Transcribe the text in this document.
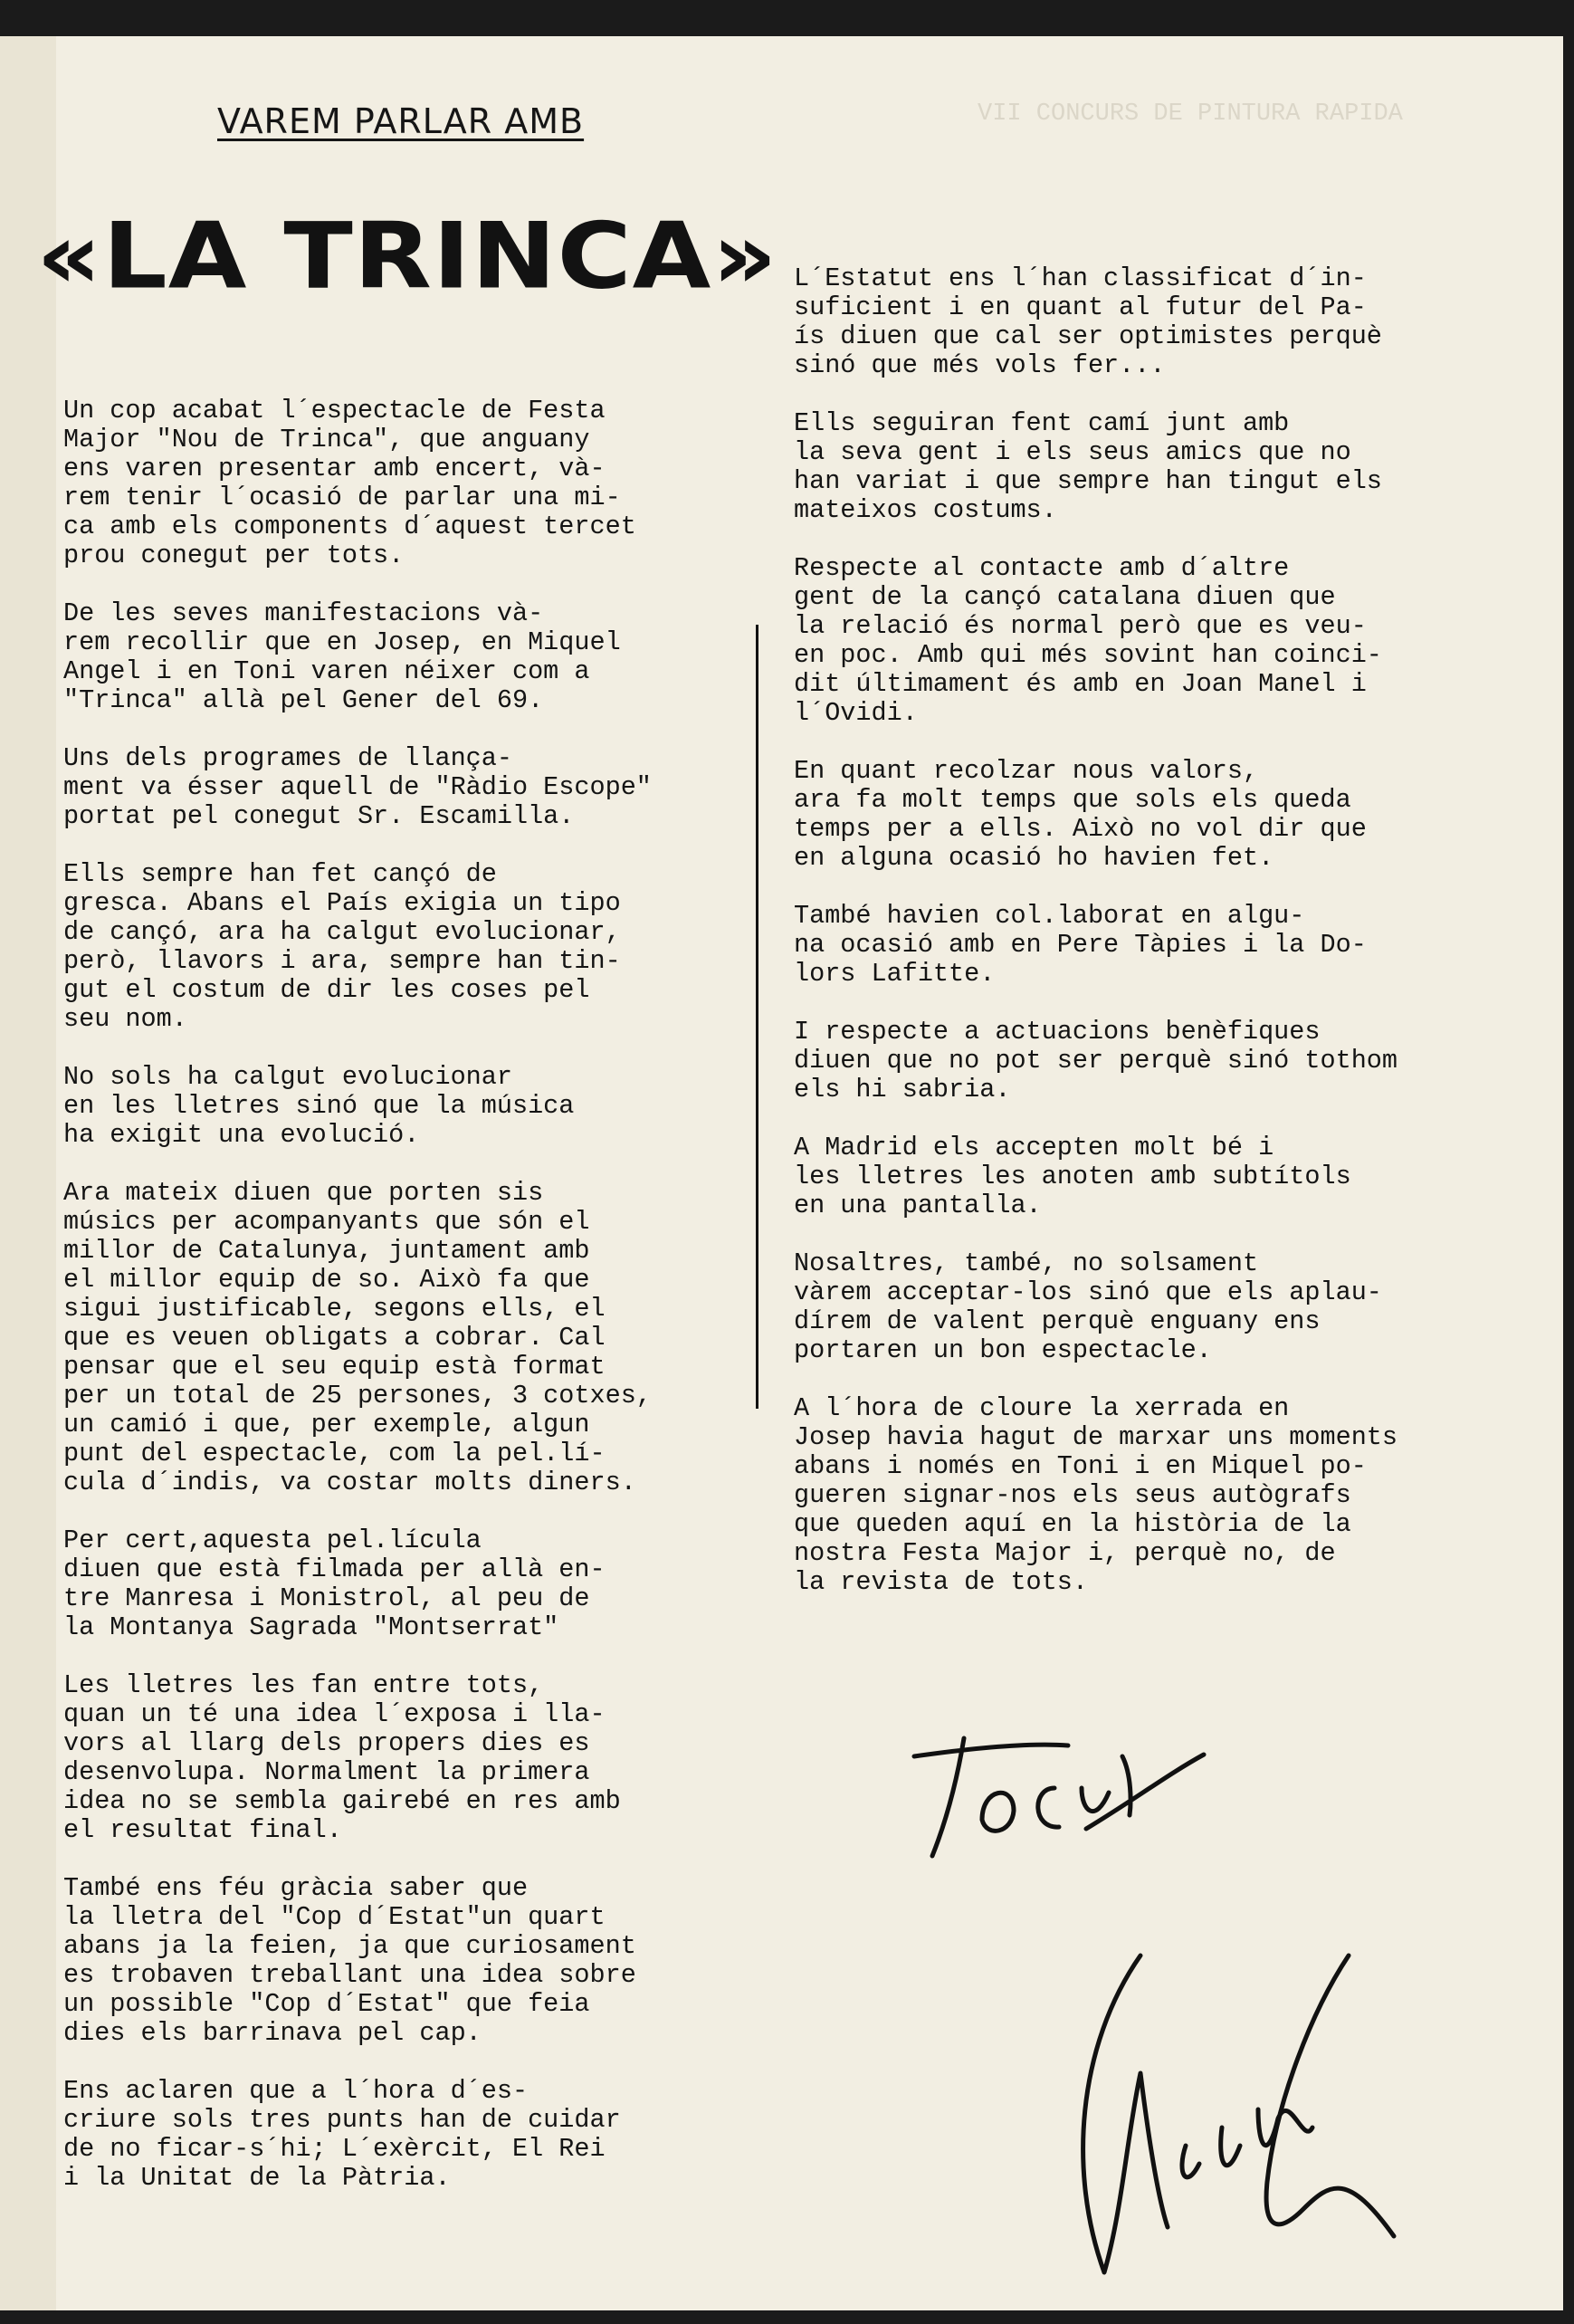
VII CONCURS DE PINTURA RAPIDA
VAREM PARLAR AMB
«LA TRINCA»

Un cop acabat l´espectacle de Festa
Major "Nou de Trinca", que anguany
ens varen presentar amb encert, và-
rem tenir l´ocasió de parlar una mi-
ca amb els components d´aquest tercet
prou conegut per tots.

De les seves manifestacions và-
rem recollir que en Josep, en Miquel
Angel i en Toni varen néixer com a
"Trinca" allà pel Gener del 69.

Uns dels programes de llança-
ment va ésser aquell de "Ràdio Escope"
portat pel conegut Sr. Escamilla.

Ells sempre han fet cançó de
gresca. Abans el País exigia un tipo
de cançó, ara ha calgut evolucionar,
però, llavors i ara, sempre han tin-
gut el costum de dir les coses pel
seu nom.

No sols ha calgut evolucionar
en les lletres sinó que la música
ha exigit una evolució.

Ara mateix diuen que porten sis
músics per acompanyants que són el
millor de Catalunya, juntament amb
el millor equip de so. Això fa que
sigui justificable, segons ells, el
que es veuen obligats a cobrar. Cal
pensar que el seu equip està format
per un total de 25 persones, 3 cotxes,
un camió i que, per exemple, algun
punt del espectacle, com la pel.lí-
cula d´indis, va costar molts diners.

Per cert,aquesta pel.lícula
diuen que està filmada per allà en-
tre Manresa i Monistrol, al peu de
la Montanya Sagrada "Montserrat"

Les lletres les fan entre tots,
quan un té una idea l´exposa i lla-
vors al llarg dels propers dies es
desenvolupa. Normalment la primera
idea no se sembla gairebé en res amb
el resultat final.

També ens féu gràcia saber que
la lletra del "Cop d´Estat"un quart
abans ja la feien, ja que curiosament
es trobaven treballant una idea sobre
un possible "Cop d´Estat" que feia
dies els barrinava pel cap.

Ens aclaren que a l´hora d´es-
criure sols tres punts han de cuidar
de no ficar-s´hi; L´exèrcit, El Rei
i la Unitat de la Pàtria.

L´Estatut ens l´han classificat d´in-
suficient i en quant al futur del Pa-
ís diuen que cal ser optimistes perquè
sinó que més vols fer...

Ells seguiran fent camí junt amb
la seva gent i els seus amics que no
han variat i que sempre han tingut els
mateixos costums.

Respecte al contacte amb d´altre
gent de la cançó catalana diuen que
la relació és normal però que es veu-
en poc. Amb qui més sovint han coinci-
dit últimament és amb en Joan Manel i
l´Ovidi.

En quant recolzar nous valors,
ara fa molt temps que sols els queda
temps per a ells. Això no vol dir que
en alguna ocasió ho havien fet.

També havien col.laborat en algu-
na ocasió amb en Pere Tàpies i la Do-
lors Lafitte.

I respecte a actuacions benèfiques
diuen que no pot ser perquè sinó tothom
els hi sabria.

A Madrid els accepten molt bé i
les lletres les anoten amb subtítols
en una pantalla.

Nosaltres, també, no solsament
vàrem acceptar-los sinó que els aplau-
dírem de valent perquè enguany ens
portaren un bon espectacle.

A l´hora de cloure la xerrada en
Josep havia hagut de marxar uns moments
abans i només en Toni i en Miquel po-
gueren signar-nos els seus autògrafs
que queden aquí en la història de la
nostra Festa Major i, perquè no, de
la revista de tots.
